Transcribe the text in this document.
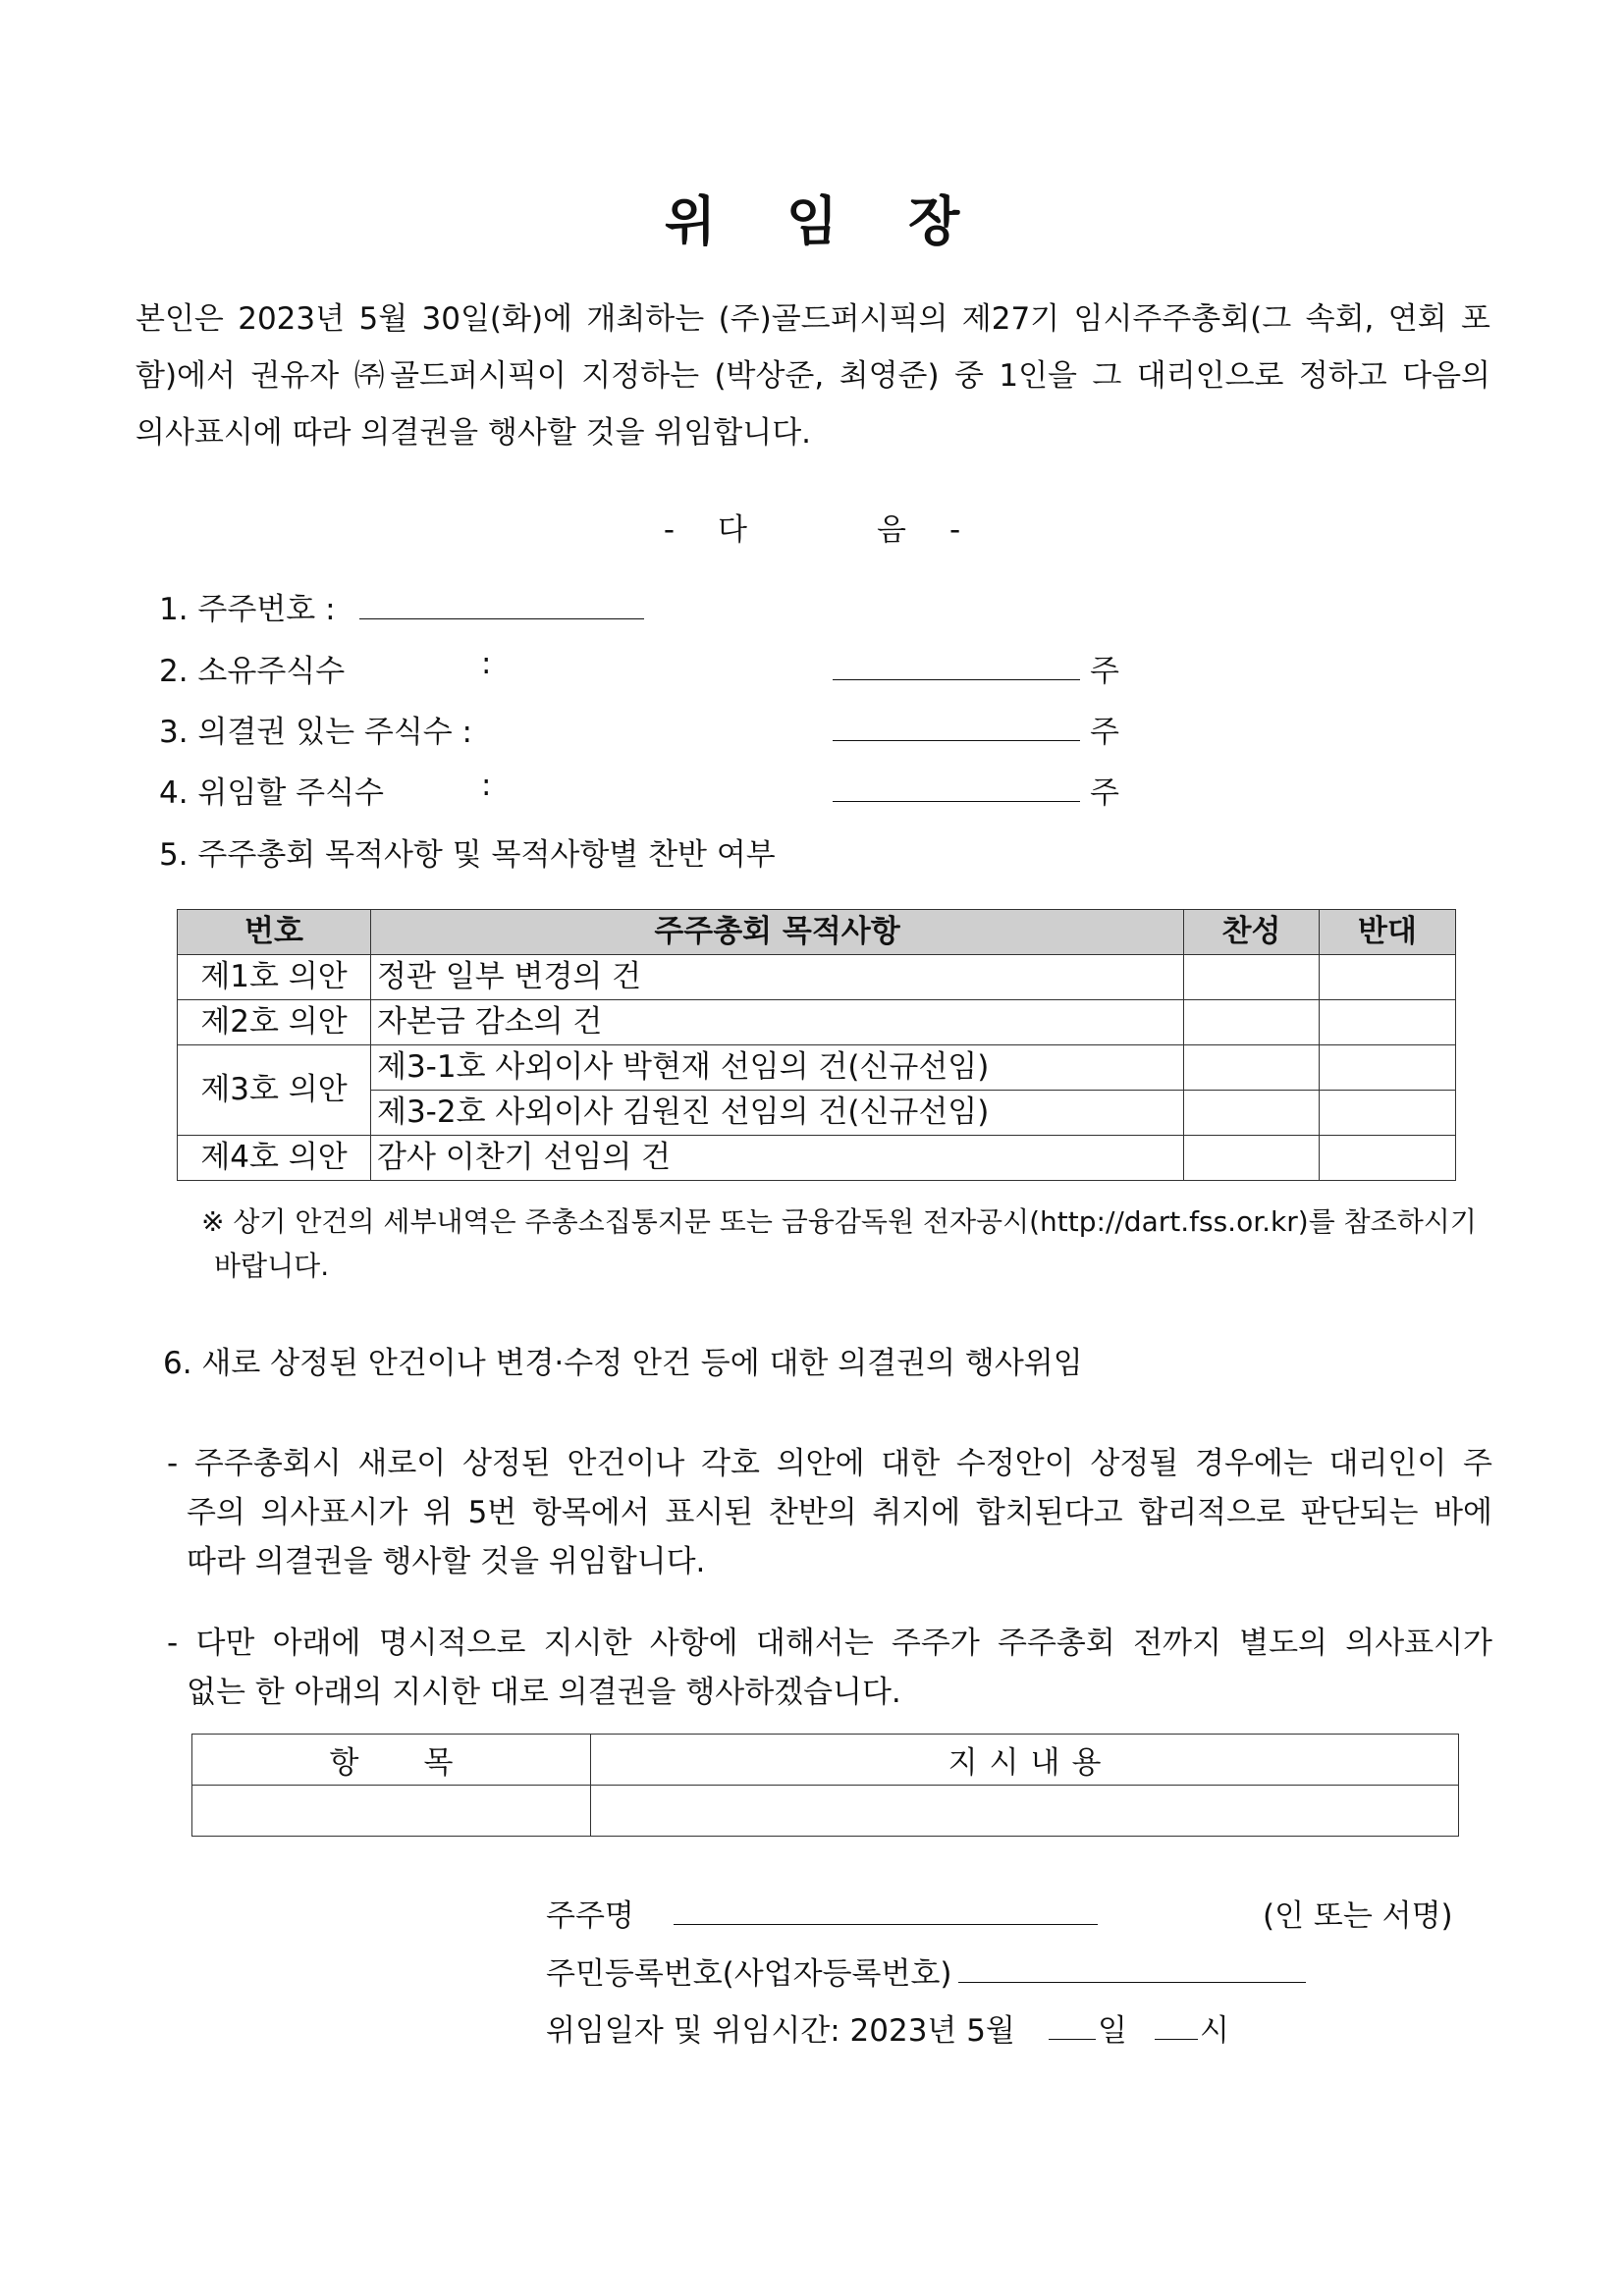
위 임 장
본인은 2023년 5월 30일(화)에 개최하는 (주)골드퍼시픽의 제27기 임시주주총회(그 속회, 연회 포
함)에서 권유자 ㈜골드퍼시픽이 지정하는 (박상준, 최영준) 중 1인을 그 대리인으로 정하고 다음의
의사표시에 따라 의결권을 행사할 것을 위임합니다.
- 다	음 -
1. 주주번호 :
2. 소유주식수	:	주
3. 의결권 있는 주식수 :	주
4. 위임할 주식수	:	주
5. 주주총회 목적사항 및 목적사항별 찬반 여부
번호	주주총회 목적사항	찬성	반대
제1호 의안	정관 일부 변경의 건		
제2호 의안	자본금 감소의 건		
제3호 의안	제3-1호 사외이사 박현재 선임의 건(신규선임)		
	제3-2호 사외이사 김원진 선임의 건(신규선임)		
제4호 의안	감사 이찬기 선임의 건		
※ 상기 안건의 세부내역은 주총소집통지문 또는 금융감독원 전자공시(http://dart.fss.or.kr)를 참조하시기
바랍니다.
6. 새로 상정된 안건이나 변경·수정 안건 등에 대한 의결권의 행사위임
- 주주총회시 새로이 상정된 안건이나 각호 의안에 대한 수정안이 상정될 경우에는 대리인이 주
주의 의사표시가 위 5번 항목에서 표시된 찬반의 취지에 합치된다고 합리적으로 판단되는 바에
따라 의결권을 행사할 것을 위임합니다.
- 다만 아래에 명시적으로 지시한 사항에 대해서는 주주가 주주총회 전까지 별도의 의사표시가
없는 한 아래의 지시한 대로 의결권을 행사하겠습니다.
항 목	지 시 내 용

주주명	(인 또는 서명)
주민등록번호(사업자등록번호)
위임일자 및 위임시간: 2023년 5월	일 시
